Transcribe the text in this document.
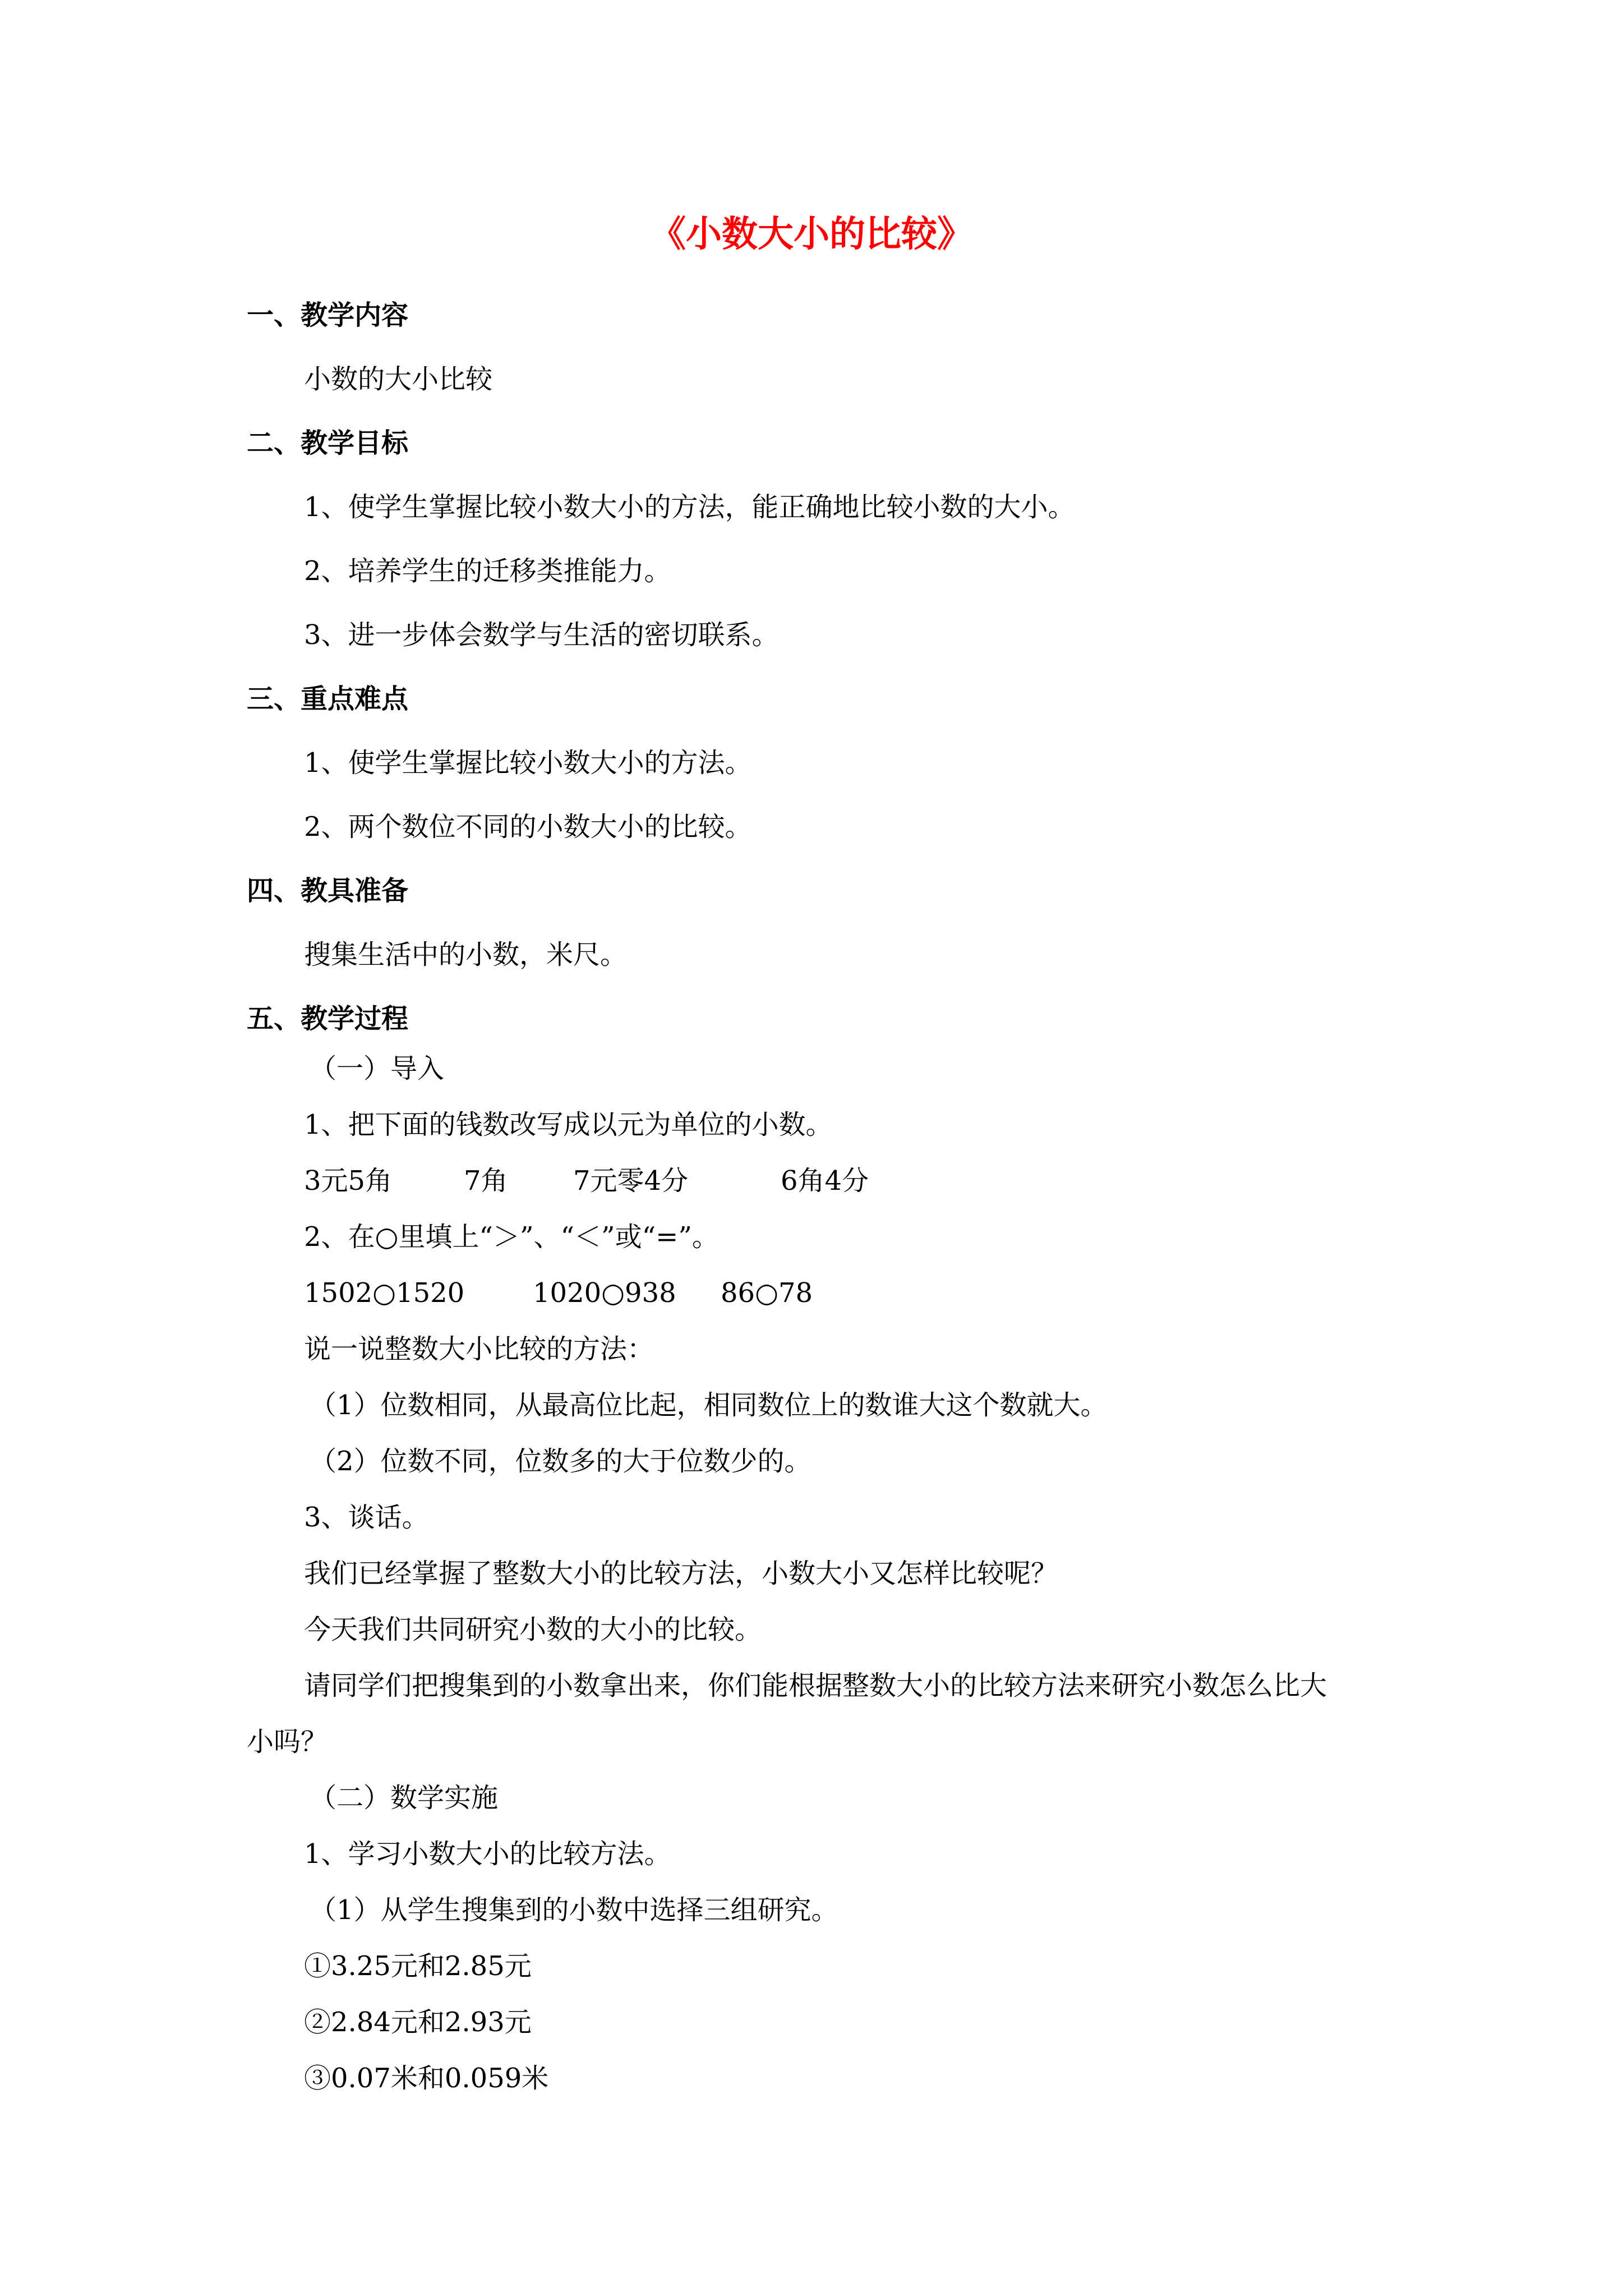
《小数大小的比较》
一、教学内容
小数的大小比较
二、教学目标
1、使学生掌握比较小数大小的方法，能正确地比较小数的大小。
2、培养学生的迁移类推能力。
3、进一步体会数学与生活的密切联系。
三、重点难点
1、使学生掌握比较小数大小的方法。
2、两个数位不同的小数大小的比较。
四、教具准备
搜集生活中的小数，米尺。
五、教学过程
（一）导入
1、把下面的钱数改写成以元为单位的小数。
3元5角	7角 7元零4分	6角4分
2、在○里填上“＞”、“＜”或“=”。
1502○1520	1020○938 86○78
说一说整数大小比较的方法：
（1）位数相同，从最高位比起，相同数位上的数谁大这个数就大。
（2）位数不同，位数多的大于位数少的。
3、谈话。
我们已经掌握了整数大小的比较方法，小数大小又怎样比较呢？
今天我们共同研究小数的大小的比较。
请同学们把搜集到的小数拿出来，你们能根据整数大小的比较方法来研究小数怎么比大
小吗？
（二）数学实施
1、学习小数大小的比较方法。
（1）从学生搜集到的小数中选择三组研究。
①3.25元和2.85元
②2.84元和2.93元
③0.07米和0.059米
